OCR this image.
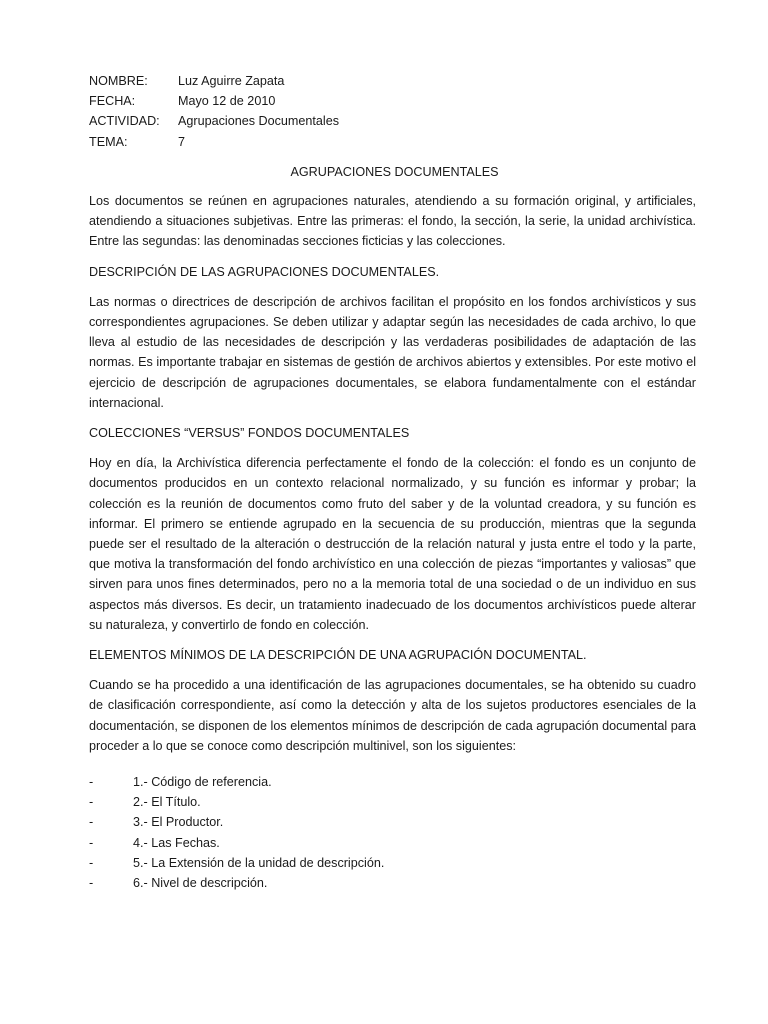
NOMBRE:	Luz Aguirre Zapata
FECHA:	Mayo 12 de 2010
ACTIVIDAD:	Agrupaciones Documentales
TEMA:	7
AGRUPACIONES DOCUMENTALES

Los documentos se reúnen en agrupaciones naturales, atendiendo a su formación original, y artificiales, atendiendo a situaciones subjetivas. Entre las primeras: el fondo, la sección, la serie, la unidad archivística. Entre las segundas: las denominadas secciones ficticias y las colecciones.

DESCRIPCIÓN DE LAS AGRUPACIONES DOCUMENTALES.

Las normas o directrices de descripción de archivos facilitan el propósito en los fondos archivísticos y sus correspondientes agrupaciones. Se deben utilizar y adaptar según las necesidades de cada archivo, lo que lleva al estudio de las necesidades de descripción y las verdaderas posibilidades de adaptación de las normas. Es importante trabajar en sistemas de gestión de archivos abiertos y extensibles. Por este motivo el ejercicio de descripción de agrupaciones documentales, se elabora fundamentalmente con el estándar internacional.

COLECCIONES “VERSUS” FONDOS DOCUMENTALES

Hoy en día, la Archivística diferencia perfectamente el fondo de la colección: el fondo es un conjunto de documentos producidos en un contexto relacional normalizado, y su función es informar y probar; la colección es la reunión de documentos como fruto del saber y de la voluntad creadora, y su función es informar. El primero se entiende agrupado en la secuencia de su producción, mientras que la segunda puede ser el resultado de la alteración o destrucción de la relación natural y justa entre el todo y la parte, que motiva la transformación del fondo archivístico en una colección de piezas “importantes y valiosas” que sirven para unos fines determinados, pero no a la memoria total de una sociedad o de un individuo en sus aspectos más diversos. Es decir, un tratamiento inadecuado de los documentos archivísticos puede alterar su naturaleza, y convertirlo de fondo en colección.

ELEMENTOS MÍNIMOS DE LA DESCRIPCIÓN DE UNA AGRUPACIÓN DOCUMENTAL.

Cuando se ha procedido a una identificación de las agrupaciones documentales, se ha obtenido su cuadro de clasificación correspondiente, así como la detección y alta de los sujetos productores esenciales de la documentación, se disponen de los elementos mínimos de descripción de cada agrupación documental para proceder a lo que se conoce como descripción multinivel, son los siguientes:

-	1.- Código de referencia.
-	2.- El Título.
-	3.- El Productor.
-	4.- Las Fechas.
-	5.- La Extensión de la unidad de descripción.
-	6.- Nivel de descripción.
